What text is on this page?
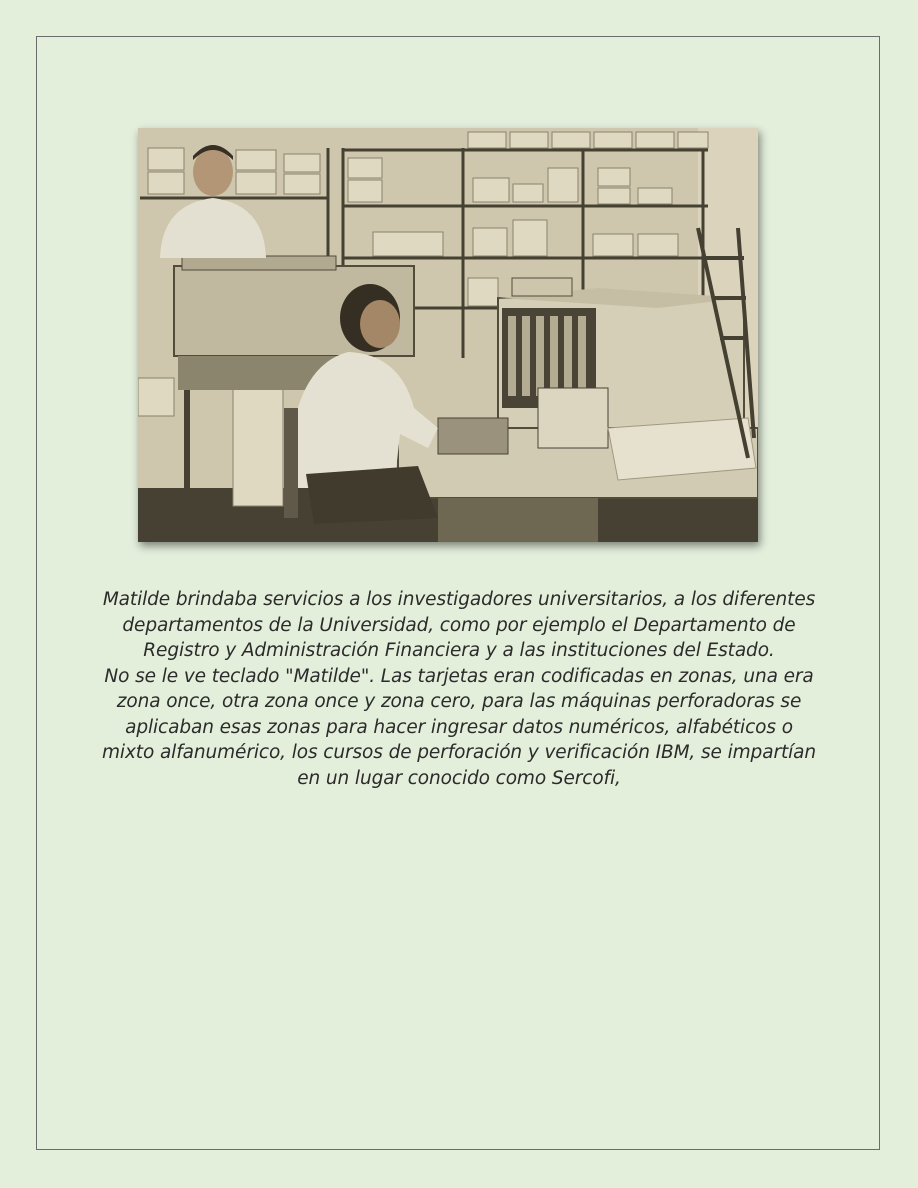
Matilde brindaba servicios a los investigadores universitarios, a los diferentes departamentos de la Universidad, como por ejemplo el Departamento de Registro y Administración Financiera y a las instituciones del Estado.

No se le ve teclado "Matilde". Las tarjetas eran codificadas en zonas, una era zona once, otra zona once y zona cero, para las máquinas perforadoras se aplicaban esas zonas para hacer ingresar datos numéricos, alfabéticos o mixto alfanumérico, los cursos de perforación y verificación IBM, se impartían en un lugar conocido como Sercofi,
